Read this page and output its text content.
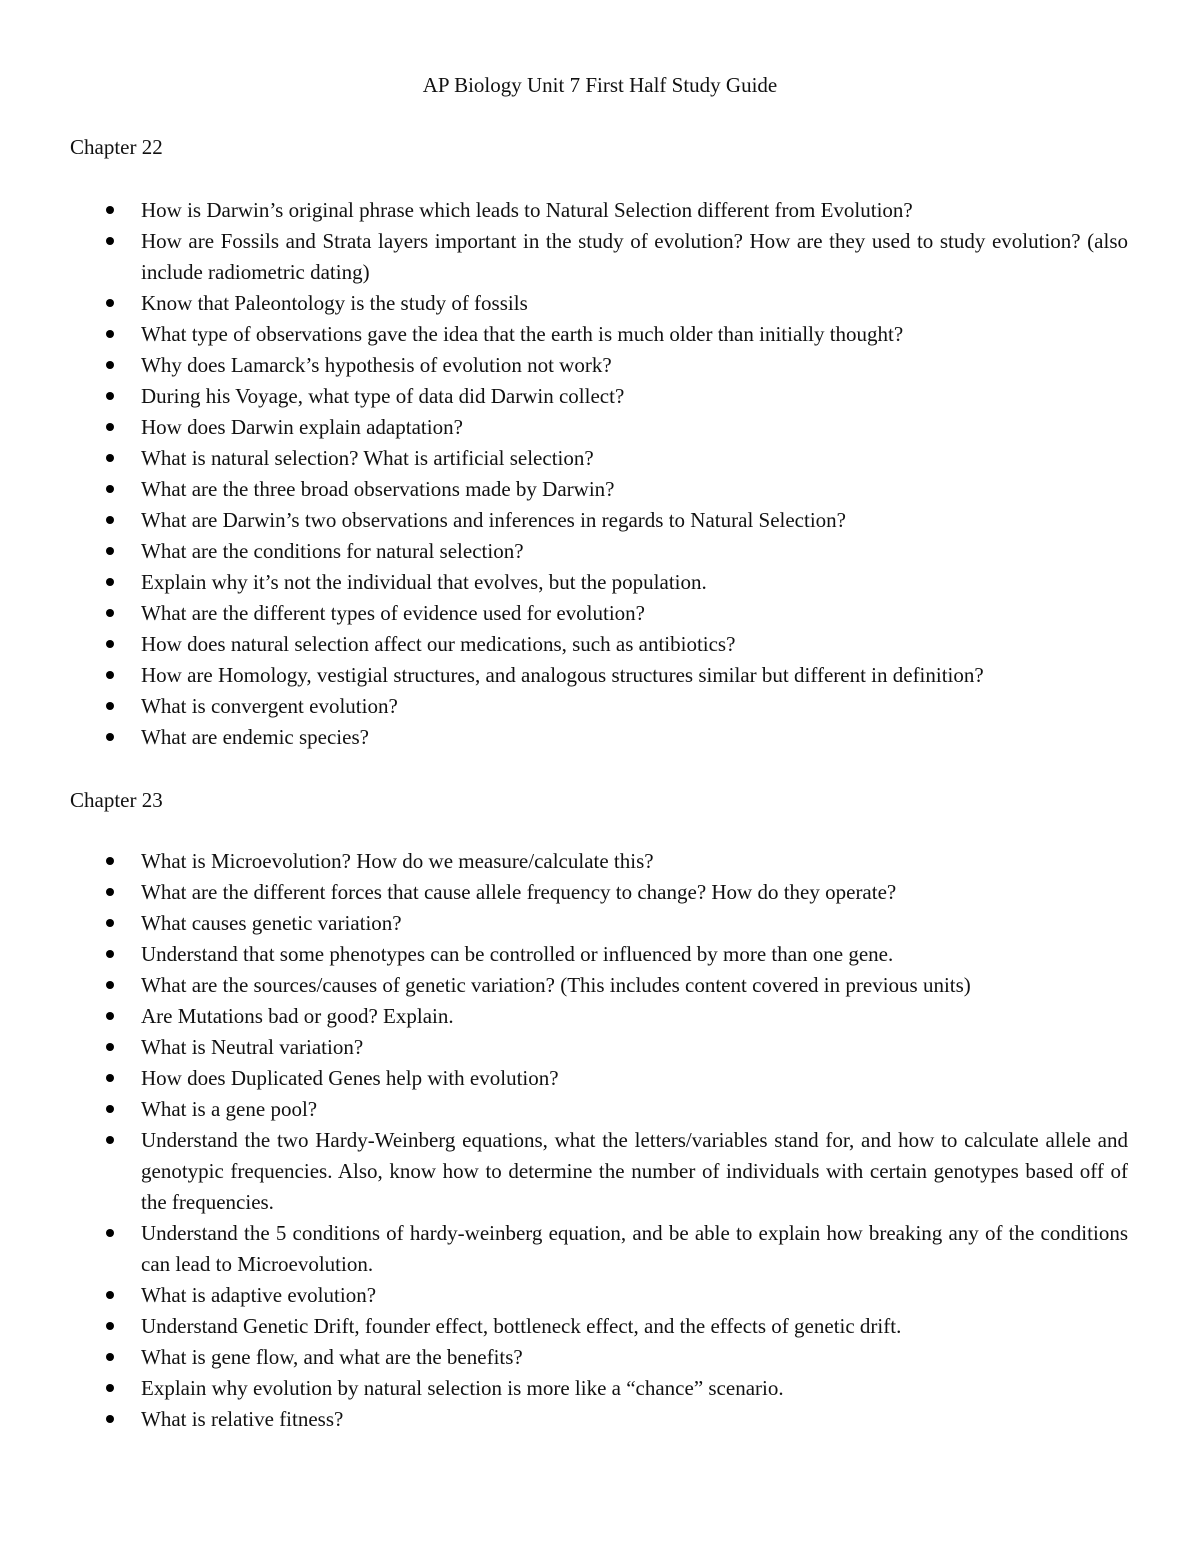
AP Biology Unit 7 First Half Study Guide
Chapter 22
How is Darwin’s original phrase which leads to Natural Selection different from Evolution?
How are Fossils and Strata layers important in the study of evolution? How are they used to study evolution? (also include radiometric dating)
Know that Paleontology is the study of fossils
What type of observations gave the idea that the earth is much older than initially thought?
Why does Lamarck’s hypothesis of evolution not work?
During his Voyage, what type of data did Darwin collect?
How does Darwin explain adaptation?
What is natural selection? What is artificial selection?
What are the three broad observations made by Darwin?
What are Darwin’s two observations and inferences in regards to Natural Selection?
What are the conditions for natural selection?
Explain why it’s not the individual that evolves, but the population.
What are the different types of evidence used for evolution?
How does natural selection affect our medications, such as antibiotics?
How are Homology, vestigial structures, and analogous structures similar but different in definition?
What is convergent evolution?
What are endemic species?
Chapter 23
What is Microevolution? How do we measure/calculate this?
What are the different forces that cause allele frequency to change? How do they operate?
What causes genetic variation?
Understand that some phenotypes can be controlled or influenced by more than one gene.
What are the sources/causes of genetic variation? (This includes content covered in previous units)
Are Mutations bad or good? Explain.
What is Neutral variation?
How does Duplicated Genes help with evolution?
What is a gene pool?
Understand the two Hardy-Weinberg equations, what the letters/variables stand for, and how to calculate allele and genotypic frequencies. Also, know how to determine the number of individuals with certain genotypes based off of the frequencies.
Understand the 5 conditions of hardy-weinberg equation, and be able to explain how breaking any of the conditions can lead to Microevolution.
What is adaptive evolution?
Understand Genetic Drift, founder effect, bottleneck effect, and the effects of genetic drift.
What is gene flow, and what are the benefits?
Explain why evolution by natural selection is more like a “chance” scenario.
What is relative fitness?
